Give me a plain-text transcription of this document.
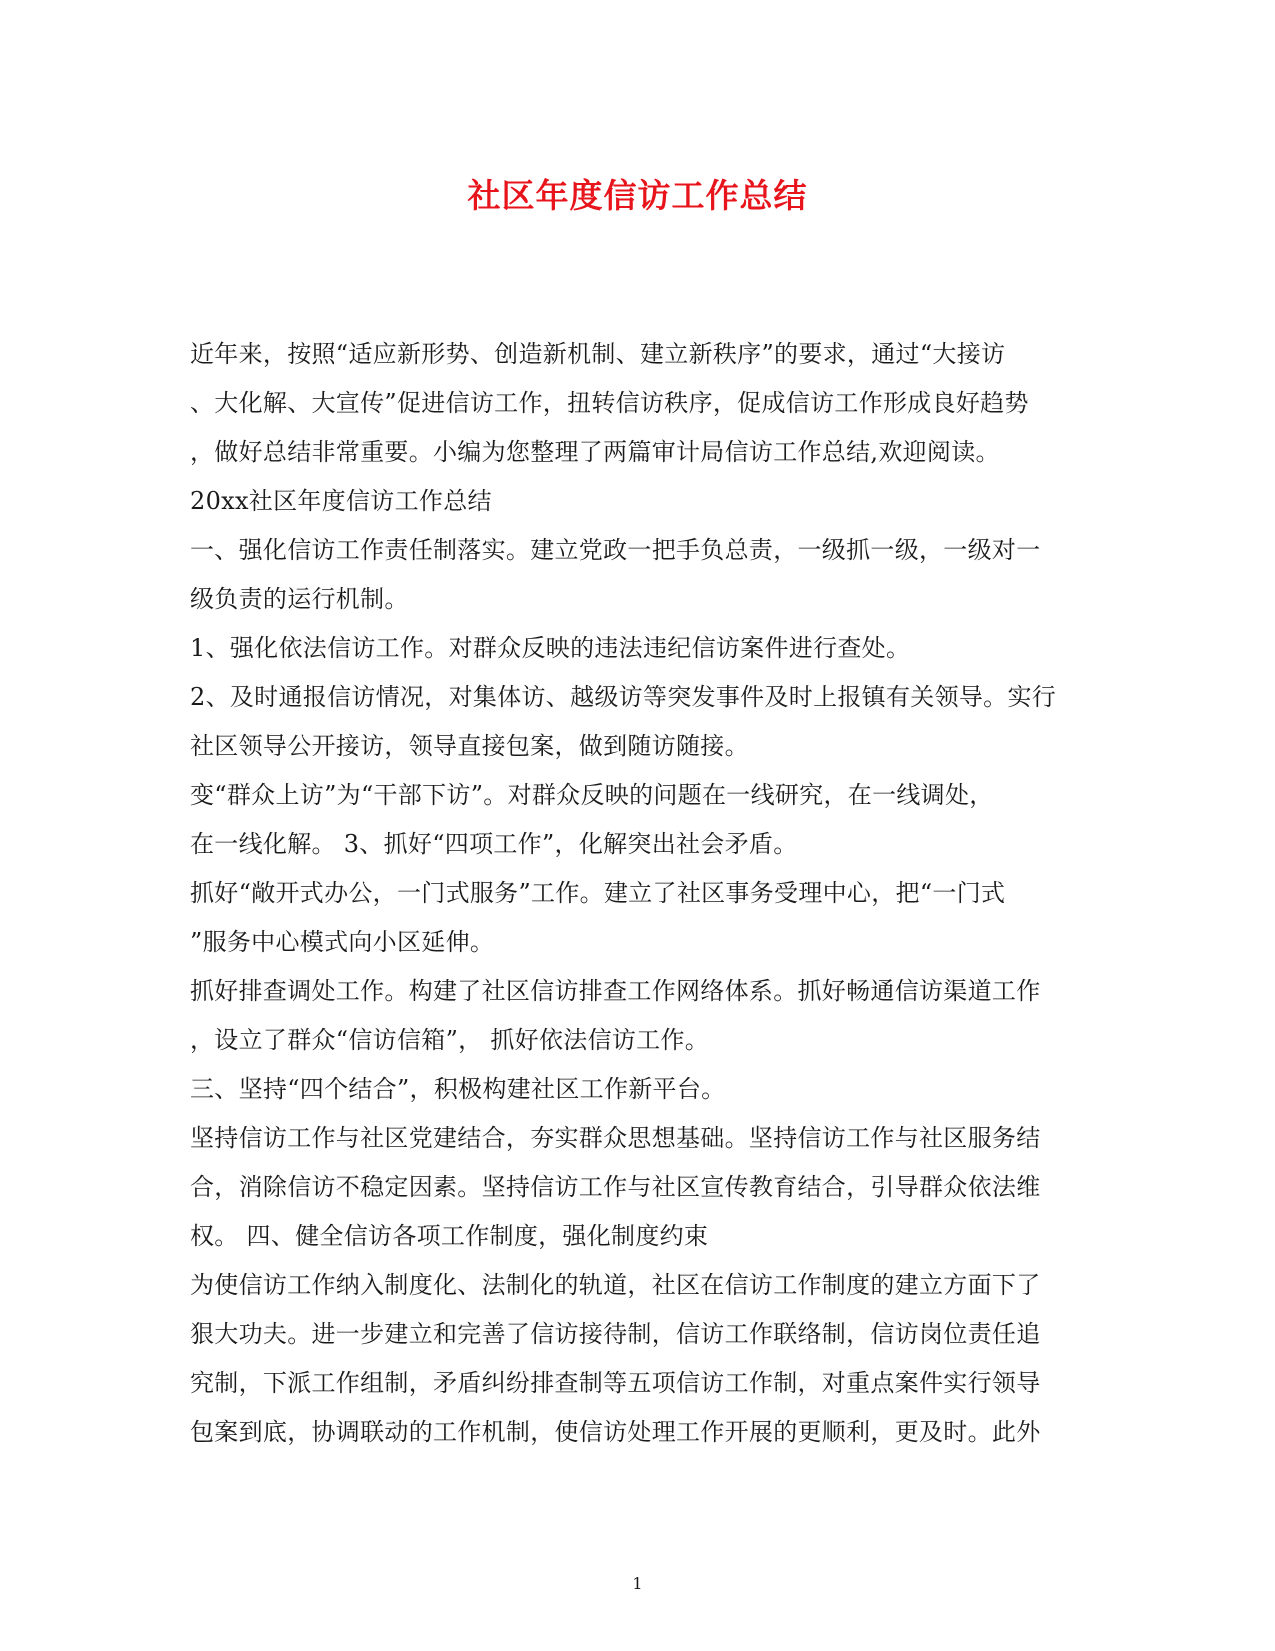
社区年度信访工作总结
近年来，按照“适应新形势、创造新机制、建立新秩序”的要求，通过“大接访
、大化解、大宣传”促进信访工作，扭转信访秩序，促成信访工作形成良好趋势
，做好总结非常重要。小编为您整理了两篇审计局信访工作总结,欢迎阅读。
20xx社区年度信访工作总结
一、强化信访工作责任制落实。建立党政一把手负总责，一级抓一级，一级对一
级负责的运行机制。
1、强化依法信访工作。对群众反映的违法违纪信访案件进行查处。
2、及时通报信访情况，对集体访、越级访等突发事件及时上报镇有关领导。实行
社区领导公开接访，领导直接包案，做到随访随接。
变“群众上访”为“干部下访”。对群众反映的问题在一线研究，在一线调处，
在一线化解。 3、抓好“四项工作”，化解突出社会矛盾。
抓好“敞开式办公，一门式服务”工作。建立了社区事务受理中心，把“一门式
”服务中心模式向小区延伸。
抓好排查调处工作。构建了社区信访排查工作网络体系。抓好畅通信访渠道工作
，设立了群众“信访信箱”， 抓好依法信访工作。
三、坚持“四个结合”，积极构建社区工作新平台。
坚持信访工作与社区党建结合，夯实群众思想基础。坚持信访工作与社区服务结
合，消除信访不稳定因素。坚持信访工作与社区宣传教育结合，引导群众依法维
权。 四、健全信访各项工作制度，强化制度约束
为使信访工作纳入制度化、法制化的轨道，社区在信访工作制度的建立方面下了
狠大功夫。进一步建立和完善了信访接待制，信访工作联络制，信访岗位责任追
究制，下派工作组制，矛盾纠纷排查制等五项信访工作制，对重点案件实行领导
包案到底，协调联动的工作机制，使信访处理工作开展的更顺利，更及时。此外
1
